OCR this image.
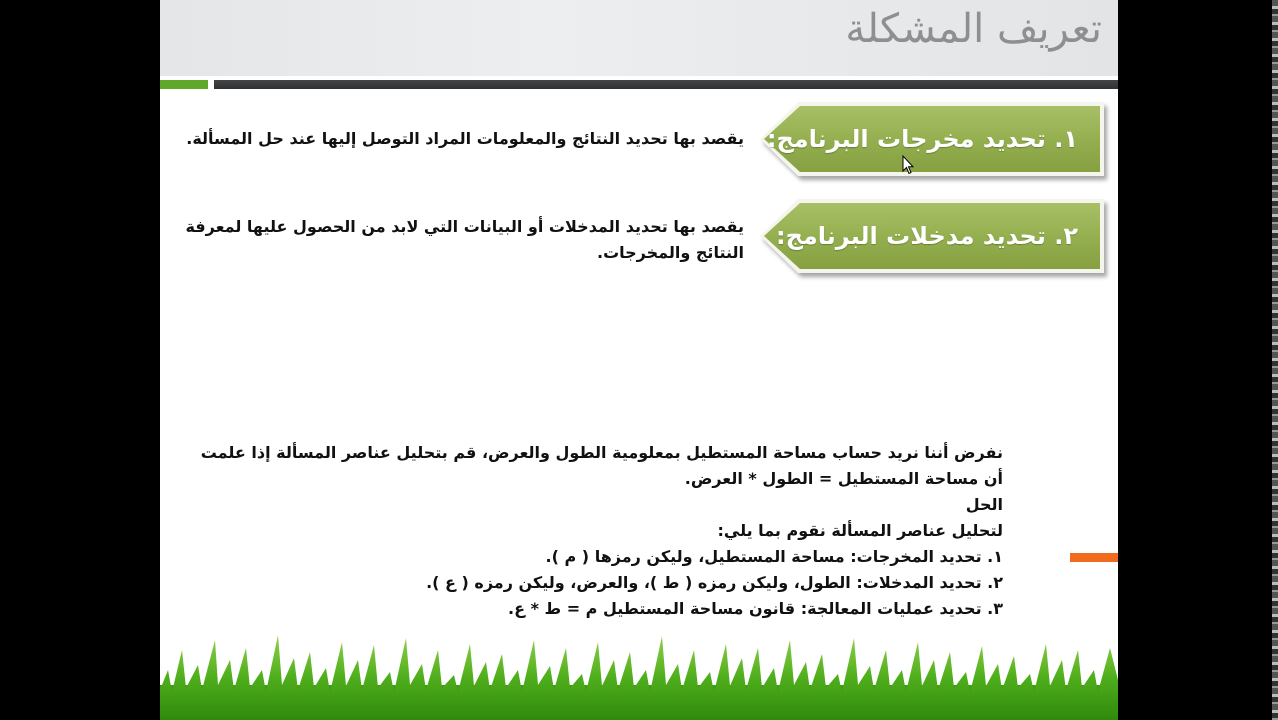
تعريف المشكلة
١. تحديد مخرجات البرنامج:
يقصد بها تحديد النتائج والمعلومات المراد التوصل إليها عند حل المسألة.
٢. تحديد مدخلات البرنامج:
يقصد بها تحديد المدخلات أو البيانات التي لابد من الحصول عليها لمعرفة
النتائج والمخرجات.
نفرض أننا نريد حساب مساحة المستطيل بمعلومية الطول والعرض، قم بتحليل عناصر المسألة إذا علمت
أن مساحة المستطيل = الطول * العرض.
الحل
لتحليل عناصر المسألة نقوم بما يلي:
١. تحديد المخرجات: مساحة المستطيل، وليكن رمزها ( م ).
٢. تحديد المدخلات: الطول، وليكن رمزه ( ط )، والعرض، وليكن رمزه ( ع ).
٣. تحديد عمليات المعالجة: قانون مساحة المستطيل م = ط * ع.
